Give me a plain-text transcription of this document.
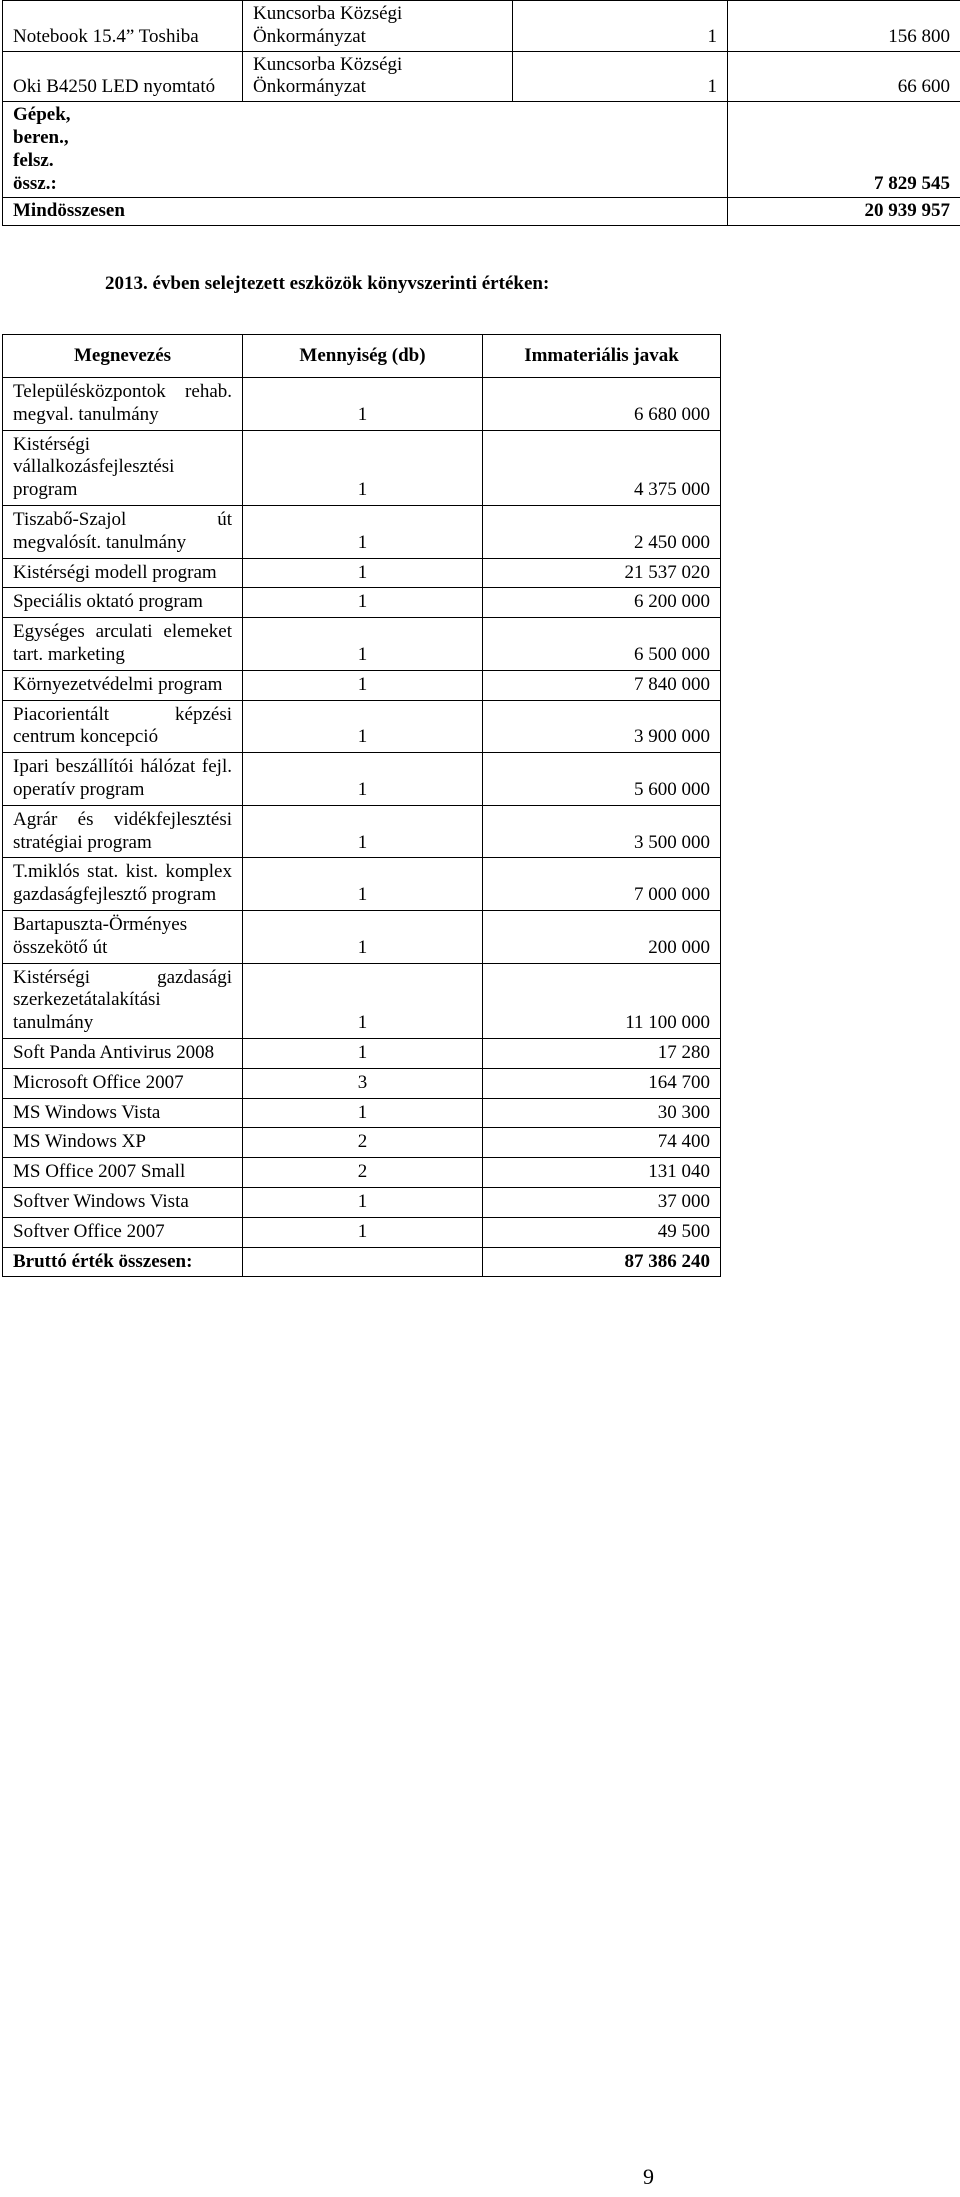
Notebook 15.4” Toshiba	Kuncsorba Községi Önkormányzat	1	156 800
Oki B4250 LED nyomtató	Kuncsorba Községi Önkormányzat	1	66 600
Gépek, beren., felsz. össz.:			7 829 545
Mindösszesen			20 939 957
2013. évben selejtezett eszközök könyvszerinti értéken:
Megnevezés	Mennyiség (db)	Immateriális javak
Településközpontok rehab. megval. tanulmány	1	6 680 000
Kistérségi vállalkozásfejlesztési program	1	4 375 000
Tiszabő-Szajol út megvalósít. tanulmány	1	2 450 000
Kistérségi modell program	1	21 537 020
Speciális oktató program	1	6 200 000
Egységes arculati elemeket tart. marketing	1	6 500 000
Környezetvédelmi program	1	7 840 000
Piacorientált képzési centrum koncepció	1	3 900 000
Ipari beszállítói hálózat fejl. operatív program	1	5 600 000
Agrár és vidékfejlesztési stratégiai program	1	3 500 000
T.miklós stat. kist. komplex gazdaságfejlesztő program	1	7 000 000
Bartapuszta-Örményes összekötő út	1	200 000
Kistérségi gazdasági szerkezetátalakítási tanulmány	1	11 100 000
Soft Panda Antivirus 2008	1	17 280
Microsoft Office 2007	3	164 700
MS Windows Vista	1	30 300
MS Windows XP	2	74 400
MS Office 2007 Small	2	131 040
Softver Windows Vista	1	37 000
Softver Office 2007	1	49 500
Bruttó érték összesen:		87 386 240
9
